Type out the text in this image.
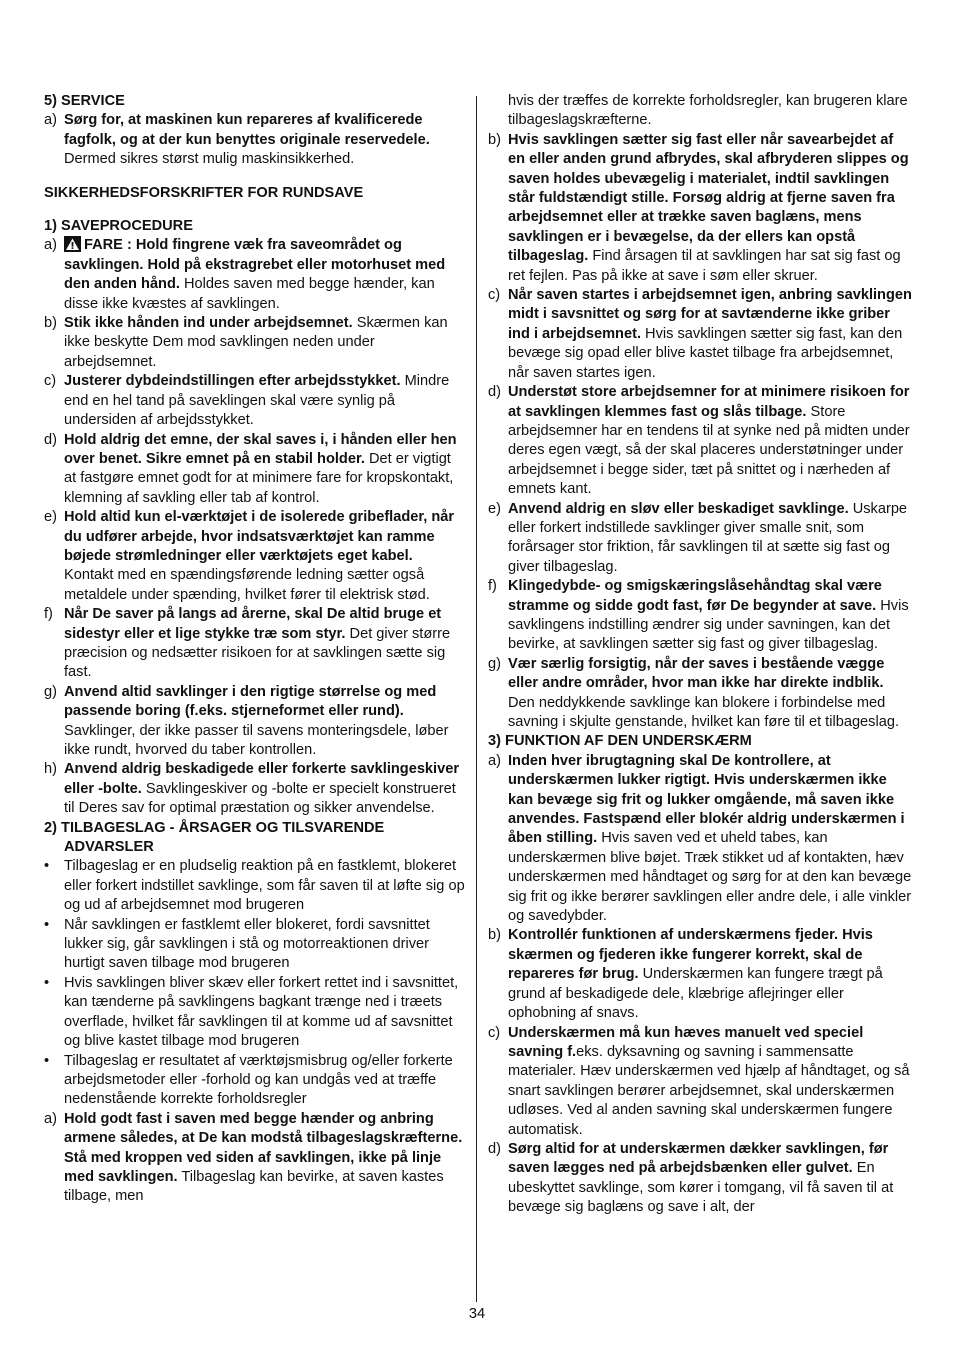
5) SERVICE
a) Sørg for, at maskinen kun repareres af kvalificerede fagfolk, og at der kun benyttes originale reservedele. Dermed sikres størst mulig maskinsikkerhed.
SIKKERHEDSFORSKRIFTER FOR RUNDSAVE
1) SAVEPROCEDURE
a) FARE : Hold fingrene væk fra saveområdet og savklingen. Hold på ekstragrebet eller motorhuset med den anden hånd. Holdes saven med begge hænder, kan disse ikke kvæstes af savklingen.
b) Stik ikke hånden ind under arbejdsemnet. Skærmen kan ikke beskytte Dem mod savklingen neden under arbejdsemnet.
c) Justerer dybdeindstillingen efter arbejdsstykket. Mindre end en hel tand på saveklingen skal være synlig på undersiden af arbejdsstykket.
d) Hold aldrig det emne, der skal saves i, i hånden eller hen over benet. Sikre emnet på en stabil holder. Det er vigtigt at fastgøre emnet godt for at minimere fare for kropskontakt, klemning af savkling eller tab af kontrol.
e) Hold altid kun el-værktøjet i de isolerede gribeflader, når du udfører arbejde, hvor indsatsværktøjet kan ramme bøjede strømledninger eller værktøjets eget kabel. Kontakt med en spændingsførende ledning sætter også metaldele under spænding, hvilket fører til elektrisk stød.
f) Når De saver på langs ad årerne, skal De altid bruge et sidestyr eller et lige stykke træ som styr. Det giver større præcision og nedsætter risikoen for at savklingen sætte sig fast.
g) Anvend altid savklinger i den rigtige størrelse og med passende boring (f.eks. stjerneformet eller rund). Savklinger, der ikke passer til savens monteringsdele, løber ikke rundt, hvorved du taber kontrollen.
h) Anvend aldrig beskadigede eller forkerte savklingeskiver eller -bolte. Savklingeskiver og -bolte er specielt konstrueret til Deres sav for optimal præstation og sikker anvendelse.
2) TILBAGESLAG - ÅRSAGER OG TILSVARENDE ADVARSLER
• Tilbageslag er en pludselig reaktion på en fastklemt, blokeret eller forkert indstillet savklinge, som får saven til at løfte sig op og ud af arbejdsemnet mod brugeren
• Når savklingen er fastklemt eller blokeret, fordi savsnittet lukker sig, går savklingen i stå og motorreaktionen driver hurtigt saven tilbage mod brugeren
• Hvis savklingen bliver skæv eller forkert rettet ind i savsnittet, kan tænderne på savklingens bagkant trænge ned i træets overflade, hvilket får savklingen til at komme ud af savsnittet og blive kastet tilbage mod brugeren
• Tilbageslag er resultatet af værktøjsmisbrug og/eller forkerte arbejdsmetoder eller -forhold og kan undgås ved at træffe nedenstående korrekte forholdsregler
a) Hold godt fast i saven med begge hænder og anbring armene således, at De kan modstå tilbageslagskræfterne. Stå med kroppen ved siden af savklingen, ikke på linje med savklingen. Tilbageslag kan bevirke, at saven kastes tilbage, men
hvis der træffes de korrekte forholdsregler, kan brugeren klare tilbageslagskræfterne.
b) Hvis savklingen sætter sig fast eller når savearbejdet af en eller anden grund afbrydes, skal afbryderen slippes og saven holdes ubevægelig i materialet, indtil savklingen står fuldstændigt stille. Forsøg aldrig at fjerne saven fra arbejdsemnet eller at trække saven baglæns, mens savklingen er i bevægelse, da der ellers kan opstå tilbageslag. Find årsagen til at savklingen har sat sig fast og ret fejlen. Pas på ikke at save i søm eller skruer.
c) Når saven startes i arbejdsemnet igen, anbring savklingen midt i savsnittet og sørg for at savtænderne ikke griber ind i arbejdsemnet. Hvis savklingen sætter sig fast, kan den bevæge sig opad eller blive kastet tilbage fra arbejdsemnet, når saven startes igen.
d) Understøt store arbejdsemner for at minimere risikoen for at savklingen klemmes fast og slås tilbage. Store arbejdsemner har en tendens til at synke ned på midten under deres egen vægt, så der skal placeres understøtninger under arbejdsemnet i begge sider, tæt på snittet og i nærheden af emnets kant.
e) Anvend aldrig en sløv eller beskadiget savklinge. Uskarpe eller forkert indstillede savklinger giver smalle snit, som forårsager stor friktion, får savklingen til at sætte sig fast og giver tilbageslag.
f) Klingedybde- og smigskæringslåsehåndtag skal være stramme og sidde godt fast, før De begynder at save. Hvis savklingens indstilling ændrer sig under savningen, kan det bevirke, at savklingen sætter sig fast og giver tilbageslag.
g) Vær særlig forsigtig, når der saves i bestående vægge eller andre områder, hvor man ikke har direkte indblik. Den neddykkende savklinge kan blokere i forbindelse med savning i skjulte genstande, hvilket kan føre til et tilbageslag.
3) FUNKTION AF DEN UNDERSKÆRM
a) Inden hver ibrugtagning skal De kontrollere, at underskærmen lukker rigtigt. Hvis underskærmen ikke kan bevæge sig frit og lukker omgående, må saven ikke anvendes. Fastspænd eller blokér aldrig underskærmen i åben stilling. Hvis saven ved et uheld tabes, kan underskærmen blive bøjet. Træk stikket ud af kontakten, hæv underskærmen med håndtaget og sørg for at den kan bevæge sig frit og ikke berører savklingen eller andre dele, i alle vinkler og savedybder.
b) Kontrollér funktionen af underskærmens fjeder. Hvis skærmen og fjederen ikke fungerer korrekt, skal de repareres før brug. Underskærmen kan fungere trægt på grund af beskadigede dele, klæbrige aflejringer eller ophobning af snavs.
c) Underskærmen må kun hæves manuelt ved speciel savning f.eks. dyksavning og savning i sammensatte materialer. Hæv underskærmen ved hjælp af håndtaget, og så snart savklingen berører arbejdsemnet, skal underskærmen udløses. Ved al anden savning skal underskærmen fungere automatisk.
d) Sørg altid for at underskærmen dækker savklingen, før saven lægges ned på arbejdsbænken eller gulvet. En ubeskyttet savklinge, som kører i tomgang, vil få saven til at bevæge sig baglæns og save i alt, der
34
